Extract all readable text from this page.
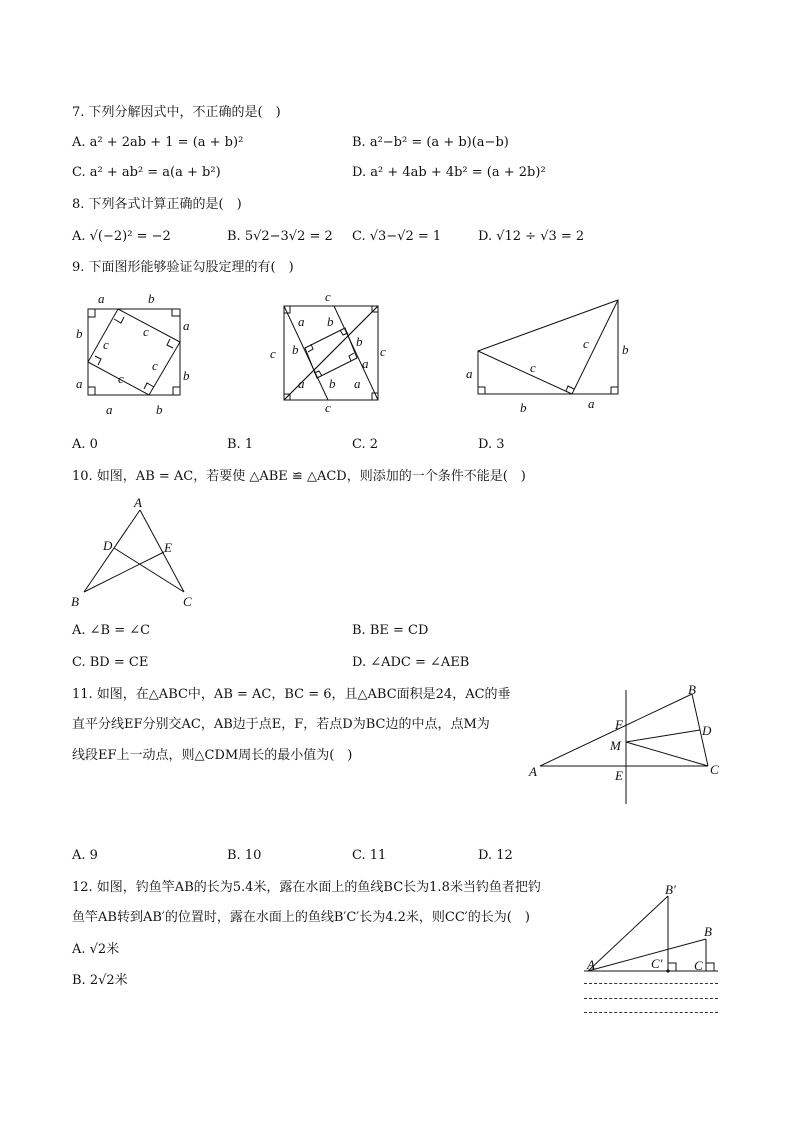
7. 下列分解因式中，不正确的是(　)
A. a² + 2ab + 1 = (a + b)²	B. a²−b² = (a + b)(a−b)
C. a² + ab² = a(a + b²)	D. a² + 4ab + 4b² = (a + 2b)²
8. 下列各式计算正确的是(　)
A. √(−2)² = −2	B. 5√2−3√2 = 2 C. √3−√2 = 1	D. √12 ÷ √3 = 2
9. 下面图形能够验证勾股定理的有(　)
a	b
a
b
b
a
b
a
c
c
c
c
c
c
c
c
a b
b
a
a
b
b
a
a
b
c
c	b
a
A. 0	B. 1	C. 2	D. 3
10. 如图，AB = AC，若要使 △ABE ≌ △ACD，则添加的一个条件不能是(　)
A
D	E
B	C
A. ∠B = ∠C	B. BE = CD
C. BD = CE	D. ∠ADC = ∠AEB
11. 如图，在△ABC中，AB = AC，BC = 6，且△ABC面积是24，AC的垂
直平分线EF分别交AC，AB边于点E，F，若点D为BC边的中点，点M为
线段EF上一动点，则△CDM周长的最小值为(　)
B
F	D
M
A	E	C
A. 9	B. 10	C. 11	D. 12
12. 如图，钓鱼竿AB的长为5.4米，露在水面上的鱼线BC长为1.8米当钓鱼者把钓
鱼竿AB转到AB′的位置时，露在水面上的鱼线B′C′长为4.2米，则CC′的长为(　)
A. √2米
B. 2√2米
B′
B
A	C′ C
